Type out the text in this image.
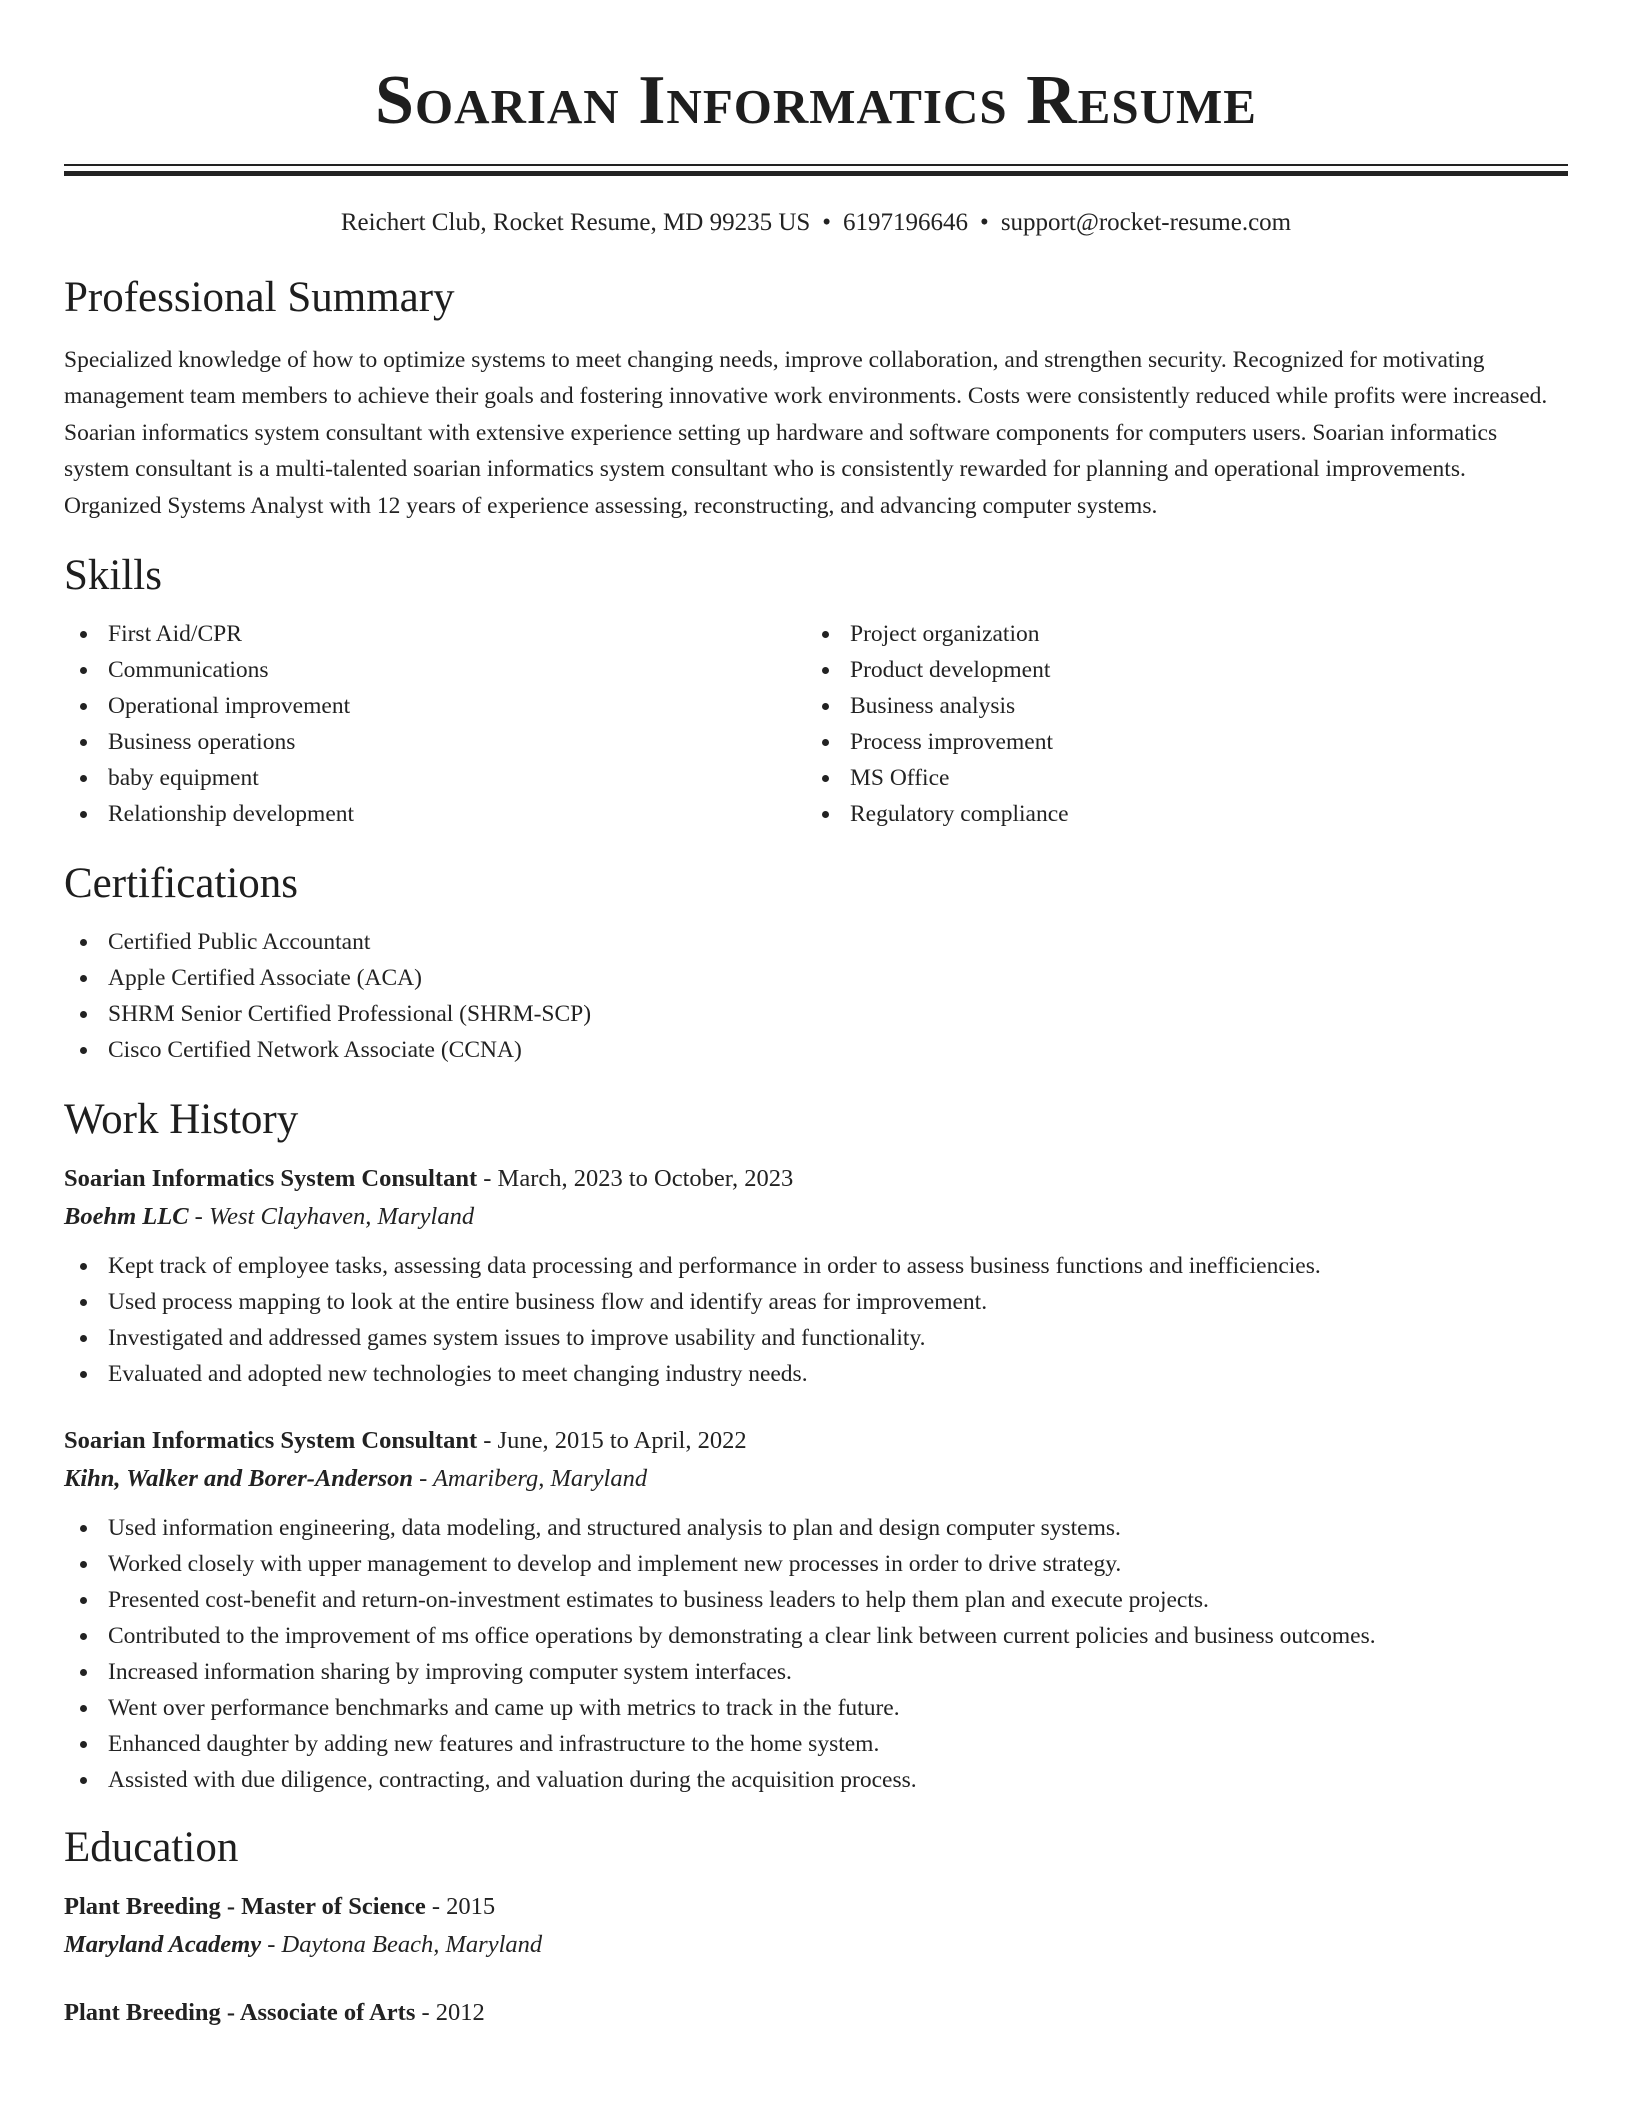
Soarian Informatics Resume
Reichert Club, Rocket Resume, MD 99235 US • 6197196646 • support@rocket-resume.com
Professional Summary

Specialized knowledge of how to optimize systems to meet changing needs, improve collaboration, and strengthen security. Recognized for motivating management team members to achieve their goals and fostering innovative work environments. Costs were consistently reduced while profits were increased. Soarian informatics system consultant with extensive experience setting up hardware and software components for computers users. Soarian informatics system consultant is a multi-talented soarian informatics system consultant who is consistently rewarded for planning and operational improvements. Organized Systems Analyst with 12 years of experience assessing, reconstructing, and advancing computer systems.

Skills
First Aid/CPR
Communications
Operational improvement
Business operations
baby equipment
Relationship development
Project organization
Product development
Business analysis
Process improvement
MS Office
Regulatory compliance
Certifications
Certified Public Accountant
Apple Certified Associate (ACA)
SHRM Senior Certified Professional (SHRM-SCP)
Cisco Certified Network Associate (CCNA)
Work History
Soarian Informatics System Consultant - March, 2023 to October, 2023
Boehm LLC - West Clayhaven, Maryland
Kept track of employee tasks, assessing data processing and performance in order to assess business functions and inefficiencies.
Used process mapping to look at the entire business flow and identify areas for improvement.
Investigated and addressed games system issues to improve usability and functionality.
Evaluated and adopted new technologies to meet changing industry needs.
Soarian Informatics System Consultant - June, 2015 to April, 2022
Kihn, Walker and Borer-Anderson - Amariberg, Maryland
Used information engineering, data modeling, and structured analysis to plan and design computer systems.
Worked closely with upper management to develop and implement new processes in order to drive strategy.
Presented cost-benefit and return-on-investment estimates to business leaders to help them plan and execute projects.
Contributed to the improvement of ms office operations by demonstrating a clear link between current policies and business outcomes.
Increased information sharing by improving computer system interfaces.
Went over performance benchmarks and came up with metrics to track in the future.
Enhanced daughter by adding new features and infrastructure to the home system.
Assisted with due diligence, contracting, and valuation during the acquisition process.
Education
Plant Breeding - Master of Science - 2015
Maryland Academy - Daytona Beach, Maryland
Plant Breeding - Associate of Arts - 2012
